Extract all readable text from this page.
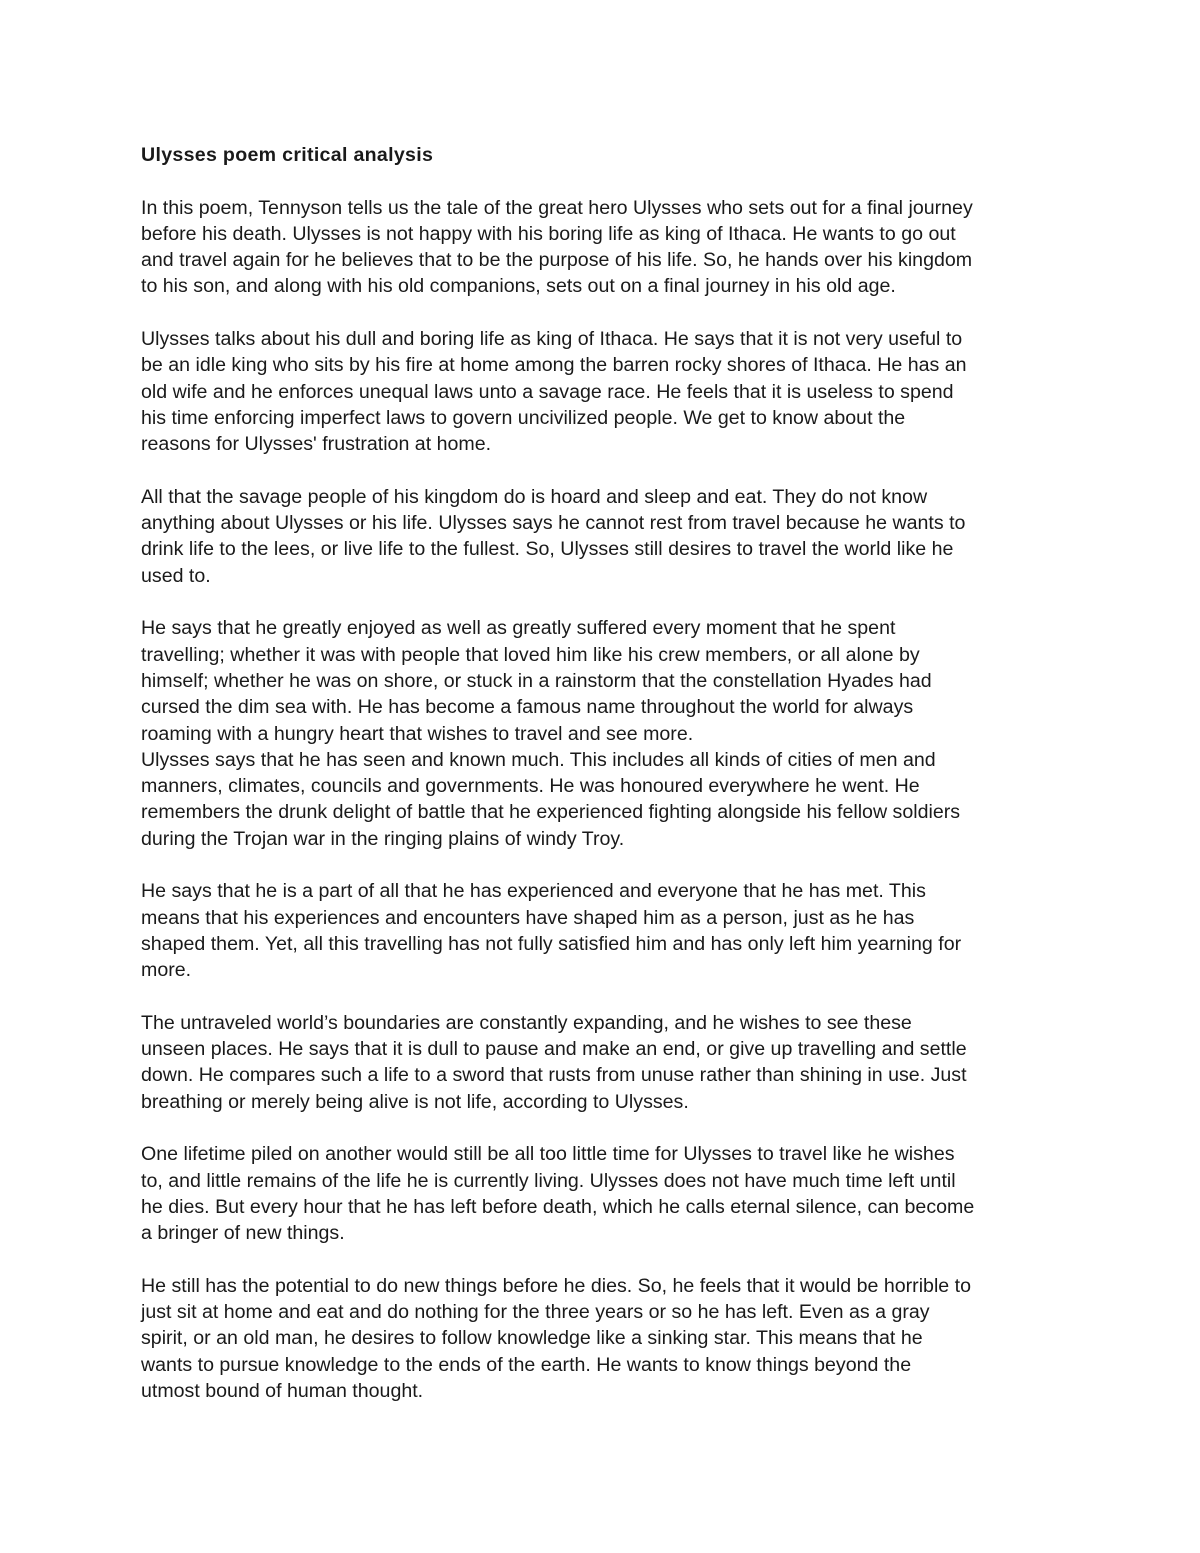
Ulysses poem critical analysis

In this poem, Tennyson tells us the tale of the great hero Ulysses who sets out for a final journey
before his death. Ulysses is not happy with his boring life as king of Ithaca. He wants to go out
and travel again for he believes that to be the purpose of his life. So, he hands over his kingdom
to his son, and along with his old companions, sets out on a final journey in his old age.
Ulysses talks about his dull and boring life as king of Ithaca. He says that it is not very useful to
be an idle king who sits by his fire at home among the barren rocky shores of Ithaca. He has an
old wife and he enforces unequal laws unto a savage race. He feels that it is useless to spend
his time enforcing imperfect laws to govern uncivilized people. We get to know about the
reasons for Ulysses' frustration at home.
All that the savage people of his kingdom do is hoard and sleep and eat. They do not know
anything about Ulysses or his life. Ulysses says he cannot rest from travel because he wants to
drink life to the lees, or live life to the fullest. So, Ulysses still desires to travel the world like he
used to.
He says that he greatly enjoyed as well as greatly suffered every moment that he spent
travelling; whether it was with people that loved him like his crew members, or all alone by
himself; whether he was on shore, or stuck in a rainstorm that the constellation Hyades had
cursed the dim sea with. He has become a famous name throughout the world for always
roaming with a hungry heart that wishes to travel and see more.
Ulysses says that he has seen and known much. This includes all kinds of cities of men and
manners, climates, councils and governments. He was honoured everywhere he went. He
remembers the drunk delight of battle that he experienced fighting alongside his fellow soldiers
during the Trojan war in the ringing plains of windy Troy.
He says that he is a part of all that he has experienced and everyone that he has met. This
means that his experiences and encounters have shaped him as a person, just as he has
shaped them. Yet, all this travelling has not fully satisfied him and has only left him yearning for
more.
The untraveled world’s boundaries are constantly expanding, and he wishes to see these
unseen places. He says that it is dull to pause and make an end, or give up travelling and settle
down. He compares such a life to a sword that rusts from unuse rather than shining in use. Just
breathing or merely being alive is not life, according to Ulysses.
One lifetime piled on another would still be all too little time for Ulysses to travel like he wishes
to, and little remains of the life he is currently living. Ulysses does not have much time left until
he dies. But every hour that he has left before death, which he calls eternal silence, can become
a bringer of new things.
He still has the potential to do new things before he dies. So, he feels that it would be horrible to
just sit at home and eat and do nothing for the three years or so he has left. Even as a gray
spirit, or an old man, he desires to follow knowledge like a sinking star. This means that he
wants to pursue knowledge to the ends of the earth. He wants to know things beyond the
utmost bound of human thought.
